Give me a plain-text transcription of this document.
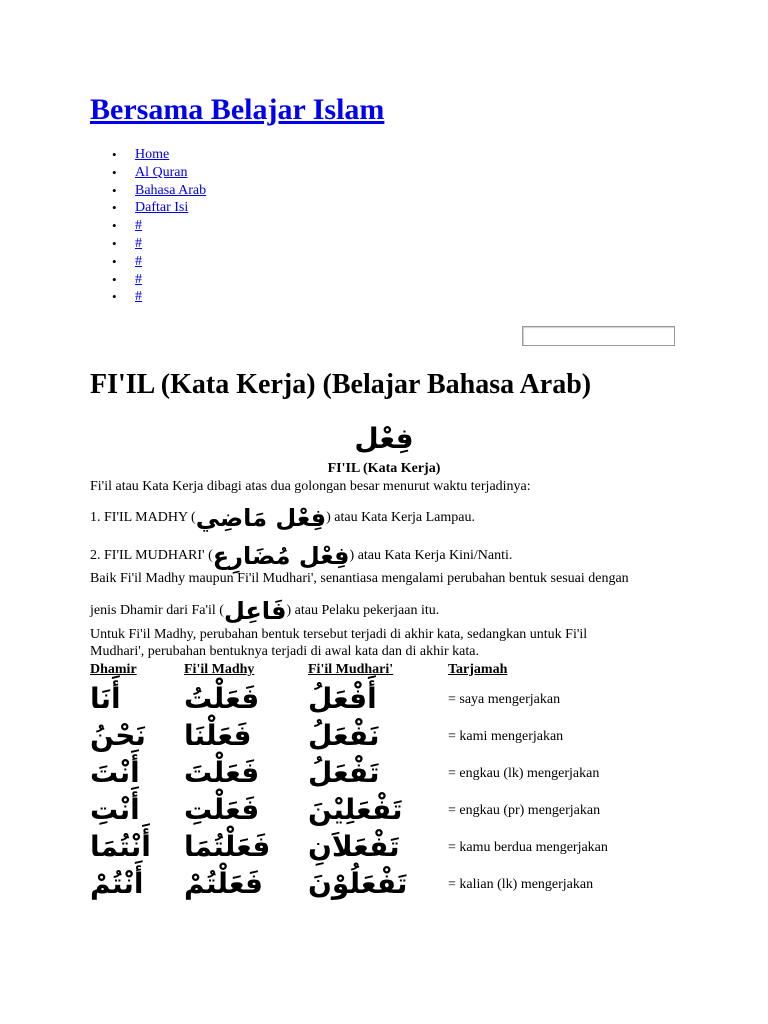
Bersama Belajar Islam
• Home
• Al Quran
• Bahasa Arab
• Daftar Isi
• #
• #
• #
• #
• #
FI'IL (Kata Kerja) (Belajar Bahasa Arab)
فِعْل
FI'IL (Kata Kerja)
Fi'il atau Kata Kerja dibagi atas dua golongan besar menurut waktu terjadinya:
1. FI'IL MADHY (فِعْل مَاضِي) atau Kata Kerja Lampau.
2. FI'IL MUDHARI' (فِعْل مُضَارِع) atau Kata Kerja Kini/Nanti.
Baik Fi'il Madhy maupun Fi'il Mudhari', senantiasa mengalami perubahan bentuk sesuai dengan
jenis Dhamir dari Fa'il (فَاعِل) atau Pelaku pekerjaan itu.
Untuk Fi'il Madhy, perubahan bentuk tersebut terjadi di akhir kata, sedangkan untuk Fi'il
Mudhari', perubahan bentuknya terjadi di awal kata dan di akhir kata.
Dhamir	Fi'il Madhy	Fi'il Mudhari'	Tarjamah
أَنَا فَعَلْتُ أَفْعَلُ	= saya mengerjakan
نَحْنُ فَعَلْنَا نَفْعَلُ	= kami mengerjakan
أَنْتَ فَعَلْتَ تَفْعَلُ	= engkau (lk) mengerjakan
أَنْتِ فَعَلْتِ تَفْعَلِيْنَ	= engkau (pr) mengerjakan
أَنْتُمَا فَعَلْتُمَا تَفْعَلاَنِ	= kamu berdua mengerjakan
أَنْتُمْ فَعَلْتُمْ تَفْعَلُوْنَ	= kalian (lk) mengerjakan
